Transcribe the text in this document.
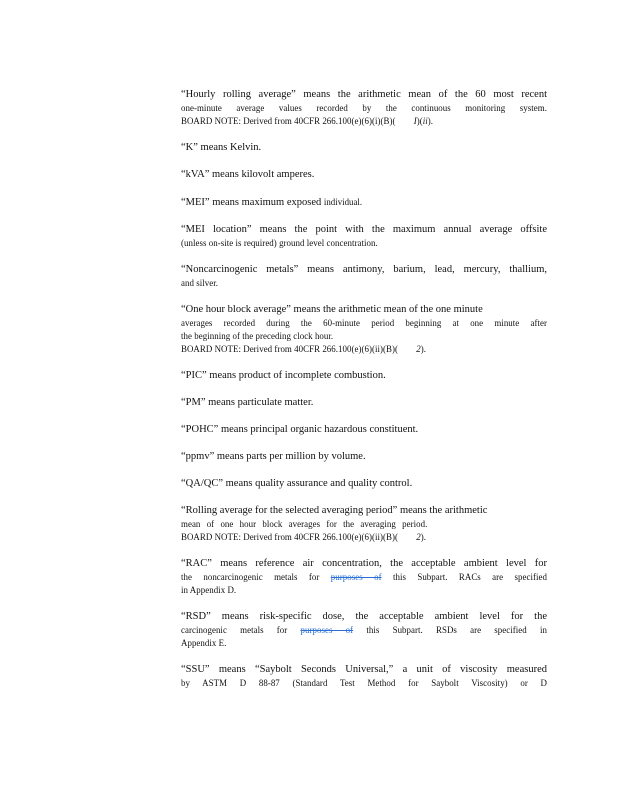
“Hourly rolling average” means the arithmetic mean of the 60 most recent
one-minute average values recorded by the continuous monitoring system.
BOARD NOTE: Derived from 40CFR 266.100(e)(6)(i)(B)( I)(ii).
“K” means Kelvin.
“kVA” means kilovolt amperes.
“MEI” means maximum exposed individual.
“MEI location” means the point with the maximum annual average offsite
(unless on-site is required) ground level concentration.
“Noncarcinogenic metals” means antimony, barium, lead, mercury, thallium,
and silver.
“One hour block average” means the arithmetic mean of the one minute
averages recorded during the 60-minute period beginning at one minute after
the beginning of the preceding clock hour.
BOARD NOTE: Derived from 40CFR 266.100(e)(6)(ii)(B)( 2).
“PIC” means product of incomplete combustion.
“PM” means particulate matter.
“POHC” means principal organic hazardous constituent.
“ppmv” means parts per million by volume.
“QA/QC” means quality assurance and quality control.
“Rolling average for the selected averaging period” means the arithmetic
mean of one hour block averages for the averaging period.
BOARD NOTE: Derived from 40CFR 266.100(e)(6)(ii)(B)( 2).
“RAC” means reference air concentration, the acceptable ambient level for
the noncarcinogenic metals for purposes of this Subpart. RACs are specified
in Appendix D.
“RSD” means risk-specific dose, the acceptable ambient level for the
carcinogenic metals for purposes of this Subpart. RSDs are specified in
Appendix E.
“SSU” means “Saybolt Seconds Universal,” a unit of viscosity measured
by ASTM D 88-87 (Standard Test Method for Saybolt Viscosity) or D
